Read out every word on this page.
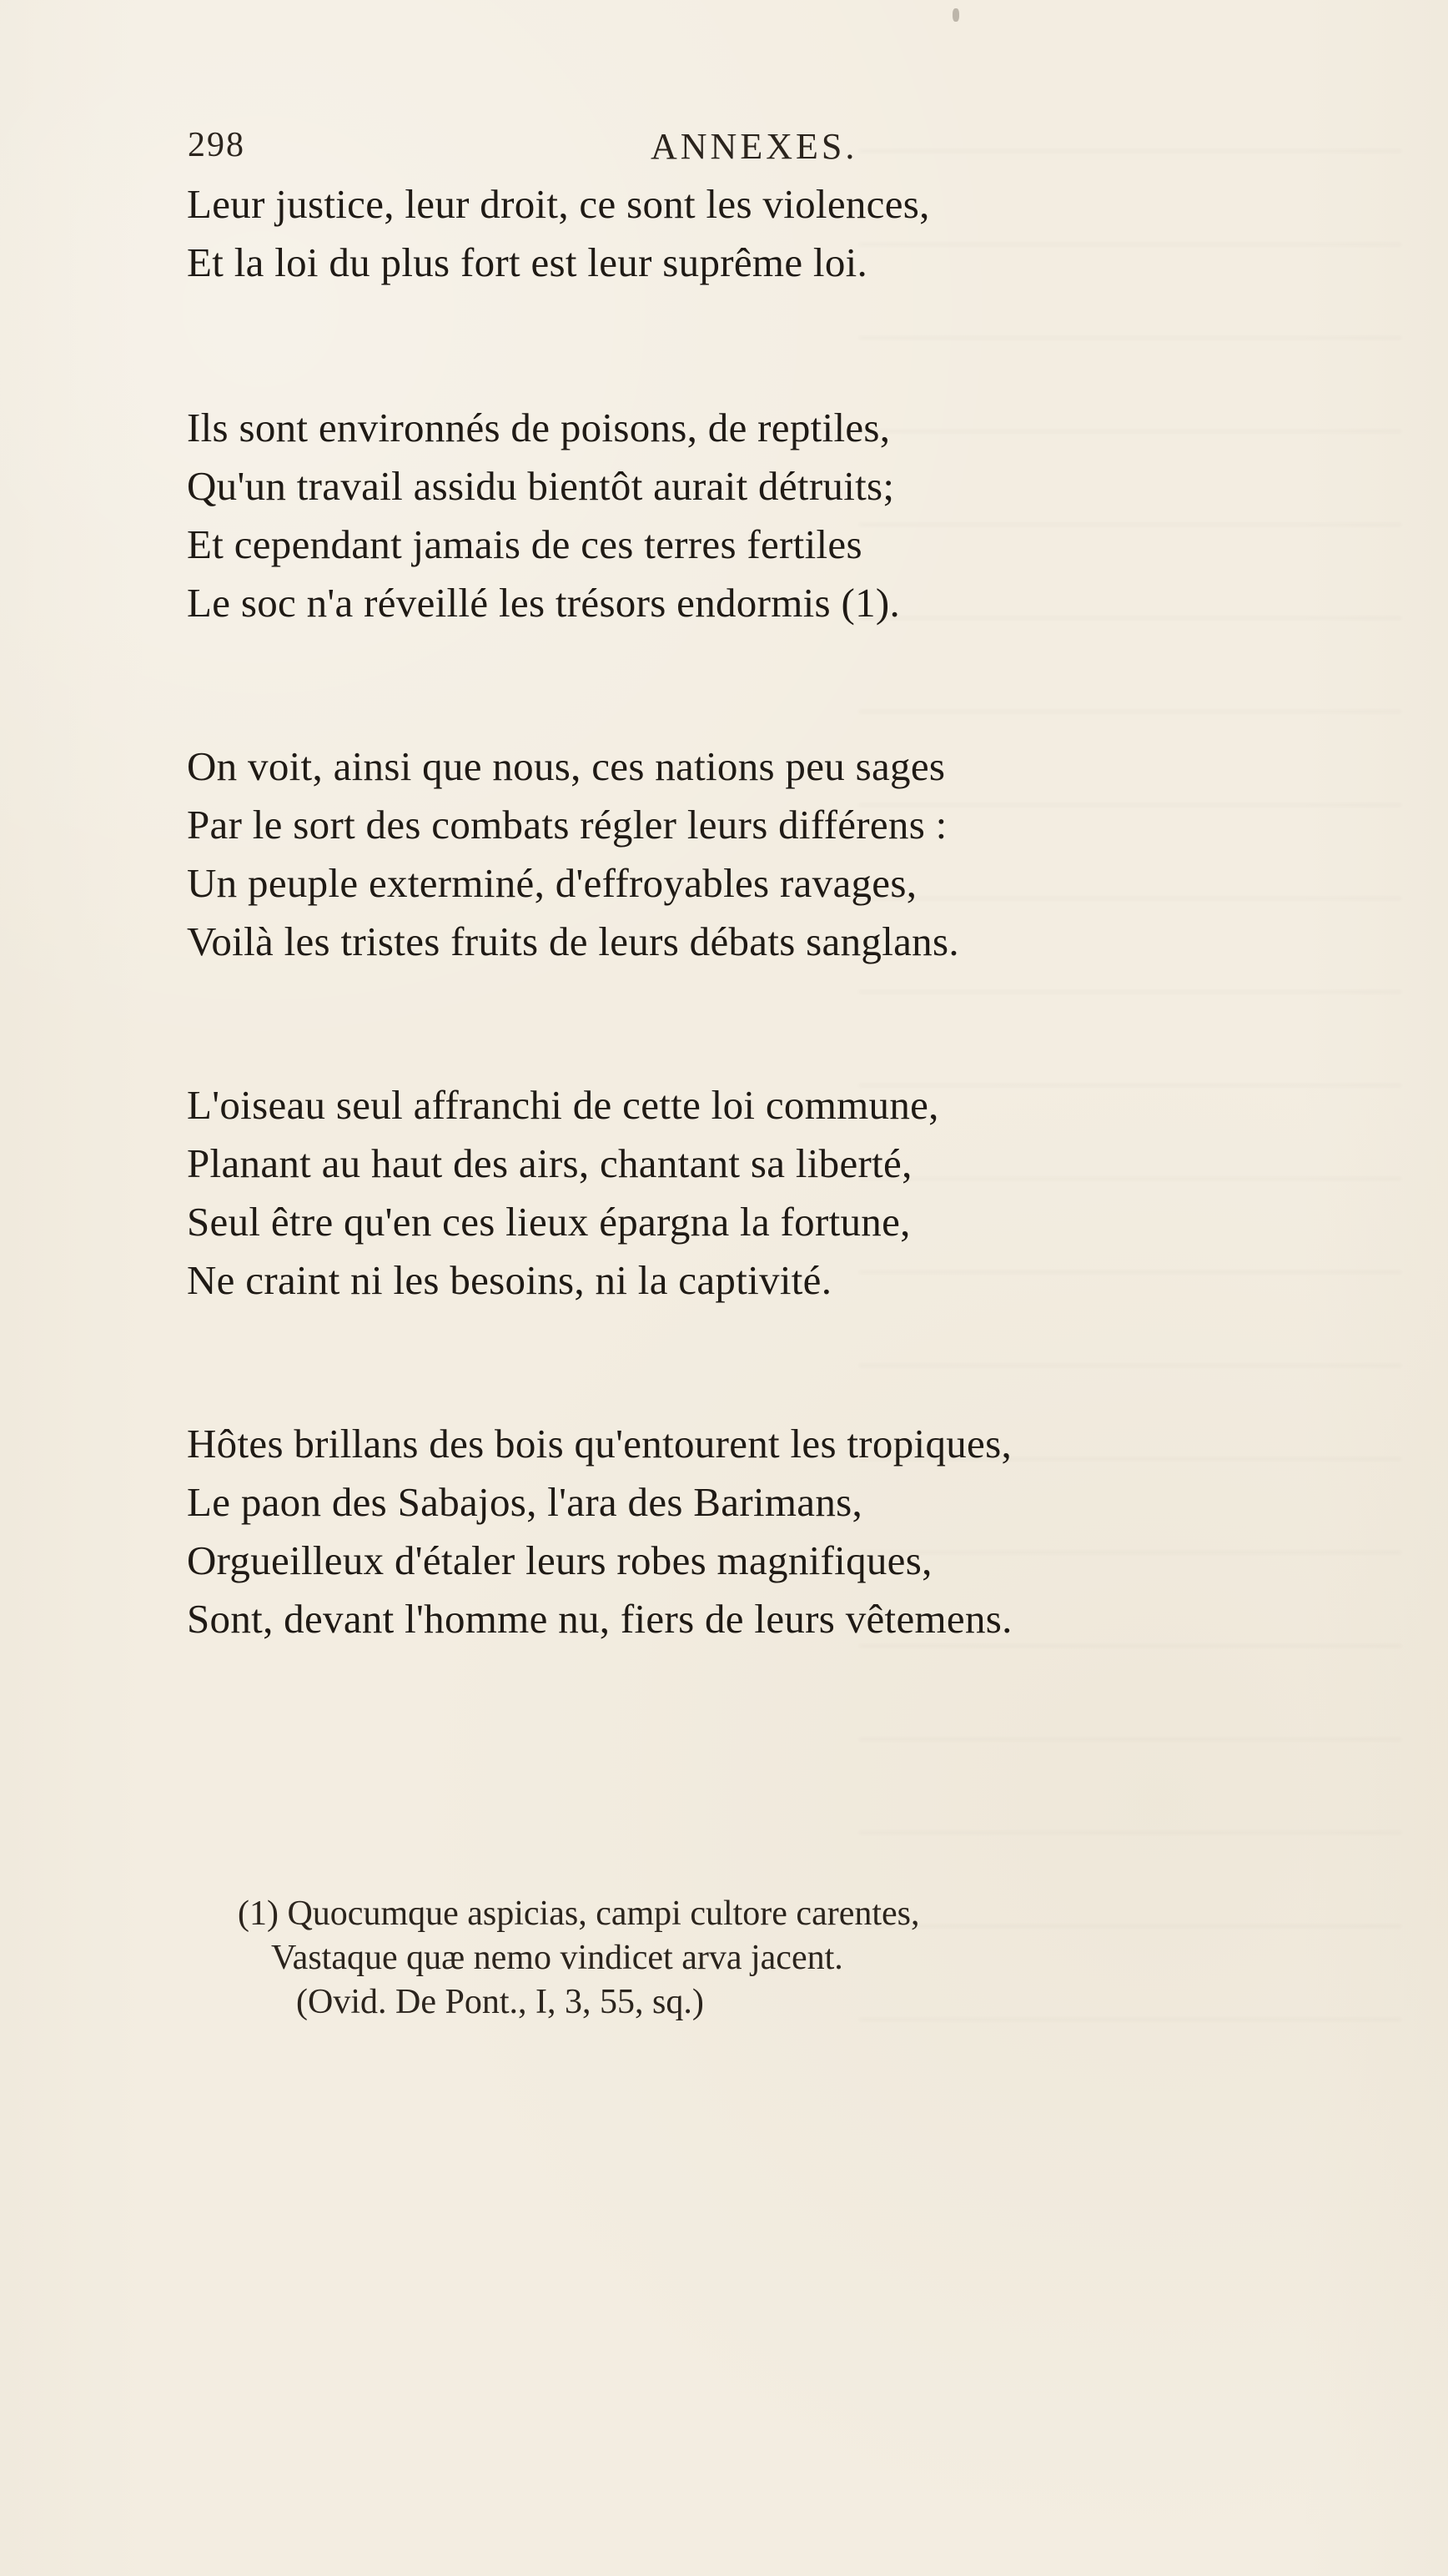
298	ANNEXES.
Leur justice, leur droit, ce sont les violences,
Et la loi du plus fort est leur suprême loi.
Ils sont environnés de poisons, de reptiles,
Qu'un travail assidu bientôt aurait détruits;
Et cependant jamais de ces terres fertiles
Le soc n'a réveillé les trésors endormis (1).
On voit, ainsi que nous, ces nations peu sages
Par le sort des combats régler leurs différens :
Un peuple exterminé, d'effroyables ravages,
Voilà les tristes fruits de leurs débats sanglans.
L'oiseau seul affranchi de cette loi commune,
Planant au haut des airs, chantant sa liberté,
Seul être qu'en ces lieux épargna la fortune,
Ne craint ni les besoins, ni la captivité.
Hôtes brillans des bois qu'entourent les tropiques,
Le paon des Sabajos, l'ara des Barimans,
Orgueilleux d'étaler leurs robes magnifiques,
Sont, devant l'homme nu, fiers de leurs vêtemens.
(1) Quocumque aspicias, campi cultore carentes,
Vastaque quæ nemo vindicet arva jacent.
(Ovid. De Pont., I, 3, 55, sq.)
